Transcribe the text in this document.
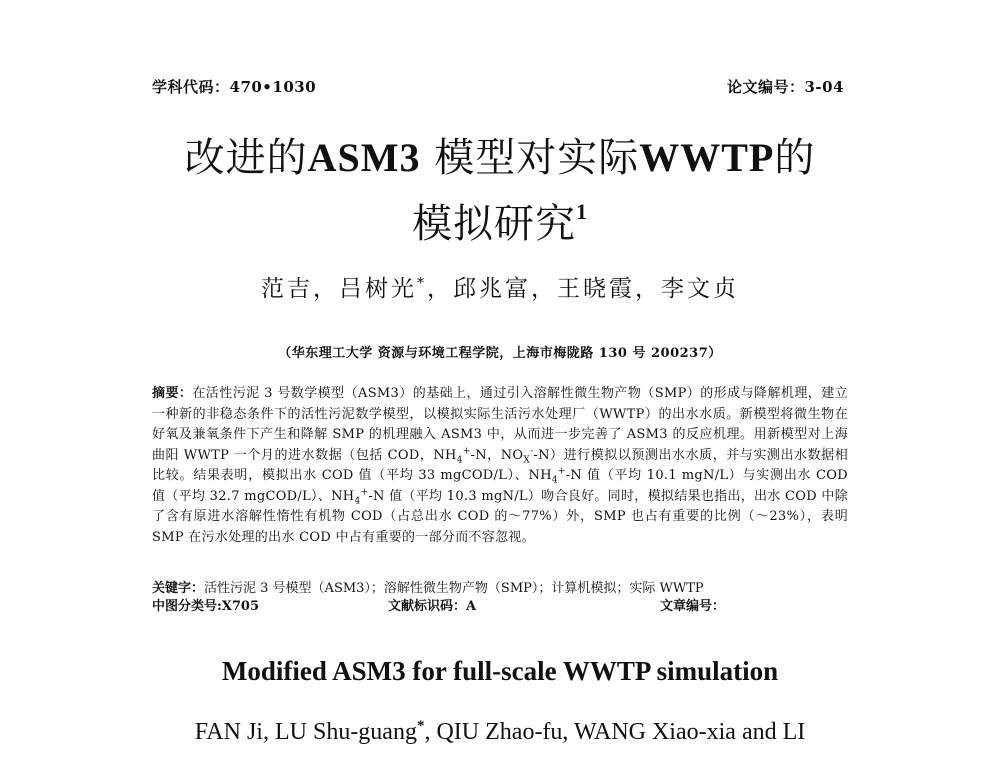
学科代码：470•1030	论文编号：3-04
改进的ASM3 模型对实际WWTP的
模拟研究$^1$
范吉，吕树光*，邱兆富，王晓霞，李文贞
（华东理工大学 资源与环境工程学院，上海市梅陇路 130 号 200237）
摘要：在活性污泥 3 号数学模型（ASM3）的基础上，通过引入溶解性微生物产物（SMP）的形成与降解机理，建立一种新的非稳态条件下的活性污泥数学模型，以模拟实际生活污水处理厂（WWTP）的出水水质。新模型将微生物在好氧及兼氧条件下产生和降解 SMP 的机理融入 ASM3 中，从而进一步完善了 ASM3 的反应机理。用新模型对上海曲阳 WWTP 一个月的进水数据（包括 COD，$NH_4^+-N$，$NO_X^--N$）进行模拟以预测出水水质，并与实测出水数据相比较。结果表明，模拟出水 COD 值（平均 33 mgCOD/L）、$NH_4^+-N$ 值（平均 10.1 mgN/L）与实测出水 COD 值（平均 32.7 mgCOD/L）、$NH_4^+-N$ 值（平均 10.3 mgN/L）吻合良好。同时，模拟结果也指出，出水 COD 中除了含有原进水溶解性惰性有机物 COD（占总出水 COD 的～77%）外，SMP 也占有重要的比例（～23%），表明 SMP 在污水处理的出水 COD 中占有重要的一部分而不容忽视。
关键字：活性污泥 3 号模型（ASM3）；溶解性微生物产物（SMP）；计算机模拟；实际 WWTP
中图分类号:X705	文献标识码：A	文章编号：
Modified ASM3 for full-scale WWTP simulation
FAN Ji, LU Shu-guang*, QIU Zhao-fu, WANG Xiao-xia and LI
